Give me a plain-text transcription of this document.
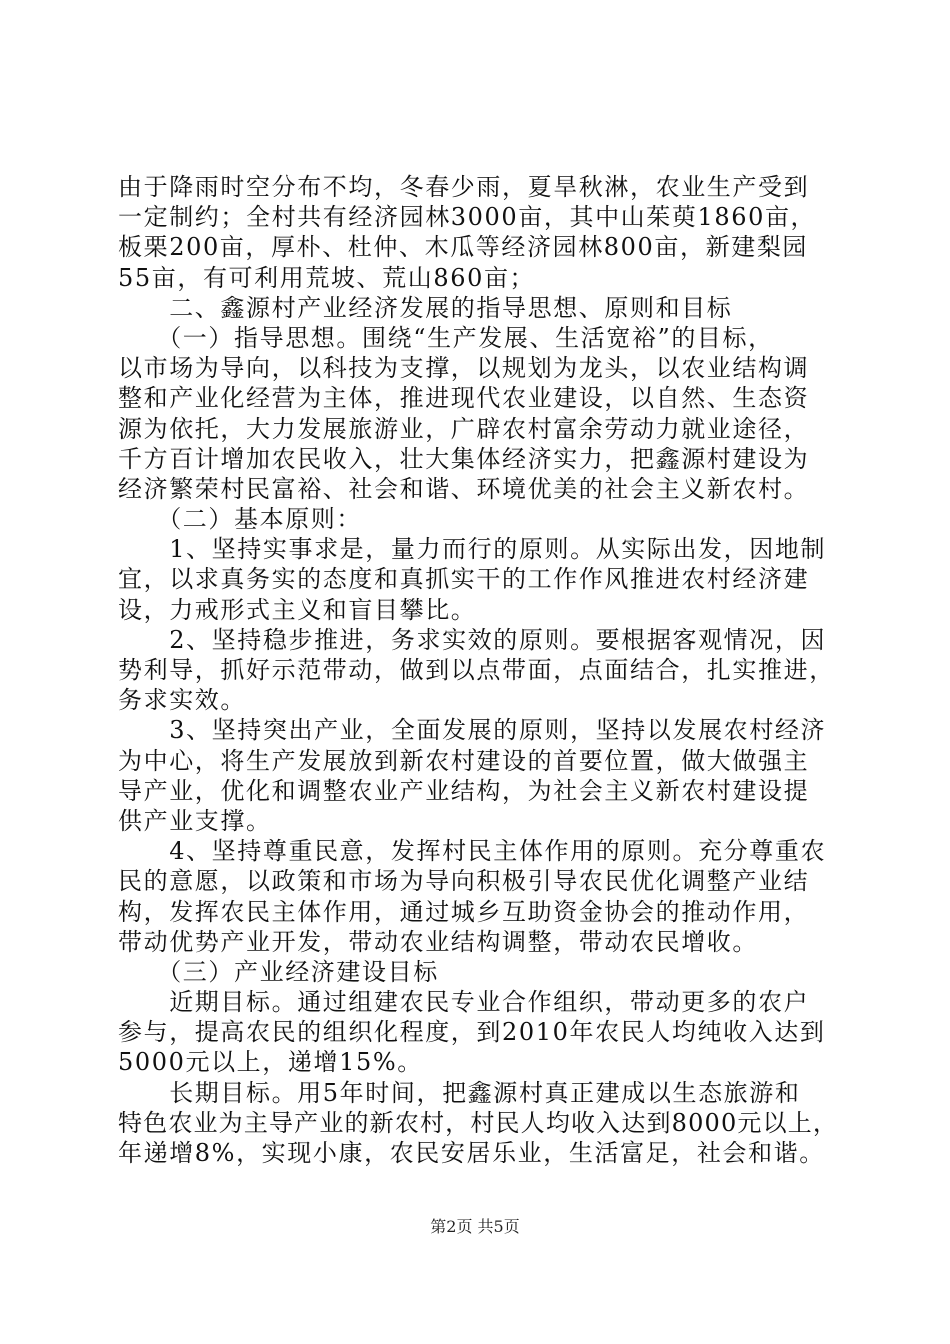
由于降雨时空分布不均，冬春少雨，夏旱秋淋，农业生产受到
一定制约；全村共有经济园林3000亩，其中山茱萸1860亩，
板栗200亩，厚朴、杜仲、木瓜等经济园林800亩，新建梨园
55亩，有可利用荒坡、荒山860亩；
　　二、鑫源村产业经济发展的指导思想、原则和目标
　　（一）指导思想。围绕“生产发展、生活宽裕”的目标，
以市场为导向，以科技为支撑，以规划为龙头，以农业结构调
整和产业化经营为主体，推进现代农业建设，以自然、生态资
源为依托，大力发展旅游业，广辟农村富余劳动力就业途径，
千方百计增加农民收入，壮大集体经济实力，把鑫源村建设为
经济繁荣村民富裕、社会和谐、环境优美的社会主义新农村。
　　（二）基本原则：
　　1、坚持实事求是，量力而行的原则。从实际出发，因地制
宜，以求真务实的态度和真抓实干的工作作风推进农村经济建
设，力戒形式主义和盲目攀比。
　　2、坚持稳步推进，务求实效的原则。要根据客观情况，因
势利导，抓好示范带动，做到以点带面，点面结合，扎实推进，
务求实效。
　　3、坚持突出产业，全面发展的原则，坚持以发展农村经济
为中心，将生产发展放到新农村建设的首要位置，做大做强主
导产业，优化和调整农业产业结构，为社会主义新农村建设提
供产业支撑。
　　4、坚持尊重民意，发挥村民主体作用的原则。充分尊重农
民的意愿，以政策和市场为导向积极引导农民优化调整产业结
构，发挥农民主体作用，通过城乡互助资金协会的推动作用，
带动优势产业开发，带动农业结构调整，带动农民增收。
　　（三）产业经济建设目标
　　近期目标。通过组建农民专业合作组织，带动更多的农户
参与，提高农民的组织化程度，到2010年农民人均纯收入达到
5000元以上，递增15%。
　　长期目标。用5年时间，把鑫源村真正建成以生态旅游和
特色农业为主导产业的新农村，村民人均收入达到8000元以上，
年递增8%，实现小康，农民安居乐业，生活富足，社会和谐。
第2页 共5页
